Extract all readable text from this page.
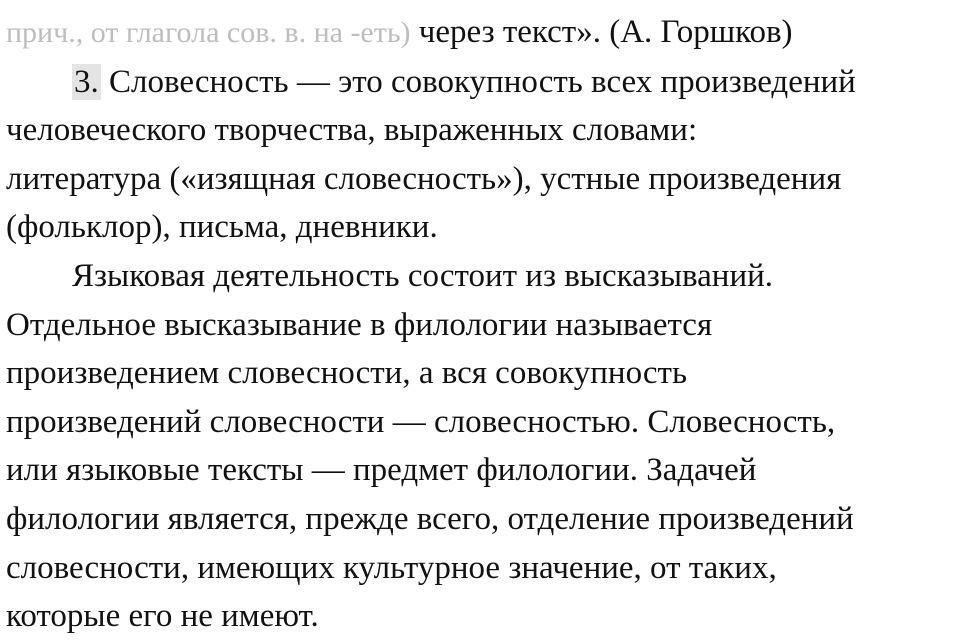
прич., от глагола сов. в. на -еть) через текст». (А. Горшков)
3. Словесность — это совокупность всех произведений
человеческого творчества, выраженных словами:
литература («изящная словесность»), устные произведения
(фольклор), письма, дневники.
Языковая деятельность состоит из высказываний.
Отдельное высказывание в филологии называется
произведением словесности, а вся совокупность
произведений словесности — словесностью. Словесность,
или языковые тексты — предмет филологии. Задачей
филологии является, прежде всего, отделение произведений
словесности, имеющих культурное значение, от таких,
которые его не имеют.
